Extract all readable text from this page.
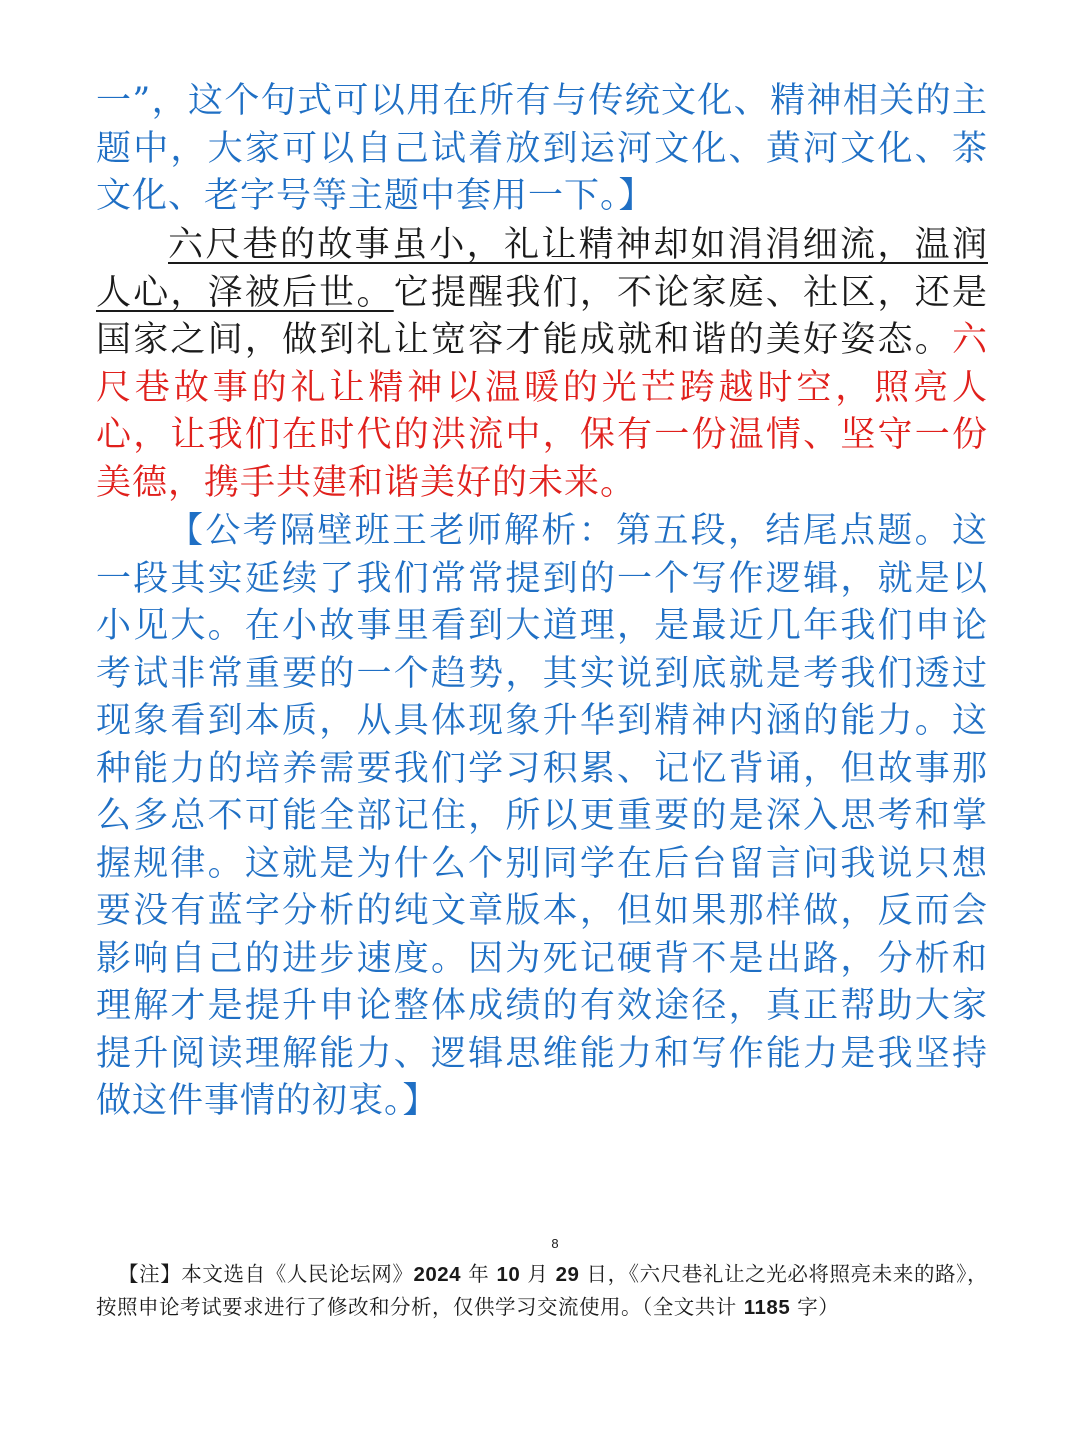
一”，这个句式可以用在所有与传统文化、精神相关的主题中，大家可以自己试着放到运河文化、黄河文化、茶文化、老字号等主题中套用一下。】

六尺巷的故事虽小，礼让精神却如涓涓细流，温润人心，泽被后世。它提醒我们，不论家庭、社区，还是国家之间，做到礼让宽容才能成就和谐的美好姿态。六尺巷故事的礼让精神以温暖的光芒跨越时空，照亮人心，让我们在时代的洪流中，保有一份温情、坚守一份美德，携手共建和谐美好的未来。

【公考隔壁班王老师解析：第五段，结尾点题。这一段其实延续了我们常常提到的一个写作逻辑，就是以小见大。在小故事里看到大道理，是最近几年我们申论考试非常重要的一个趋势，其实说到底就是考我们透过现象看到本质，从具体现象升华到精神内涵的能力。这种能力的培养需要我们学习积累、记忆背诵，但故事那么多总不可能全部记住，所以更重要的是深入思考和掌握规律。这就是为什么个别同学在后台留言问我说只想要没有蓝字分析的纯文章版本，但如果那样做，反而会影响自己的进步速度。因为死记硬背不是出路，分析和理解才是提升申论整体成绩的有效途径，真正帮助大家提升阅读理解能力、逻辑思维能力和写作能力是我坚持做这件事情的初衷。】

8

【注】本文选自《人民论坛网》2024 年 10 月 29 日，《六尺巷礼让之光必将照亮未来的路》，按照申论考试要求进行了修改和分析，仅供学习交流使用。（全文共计 1185 字）
